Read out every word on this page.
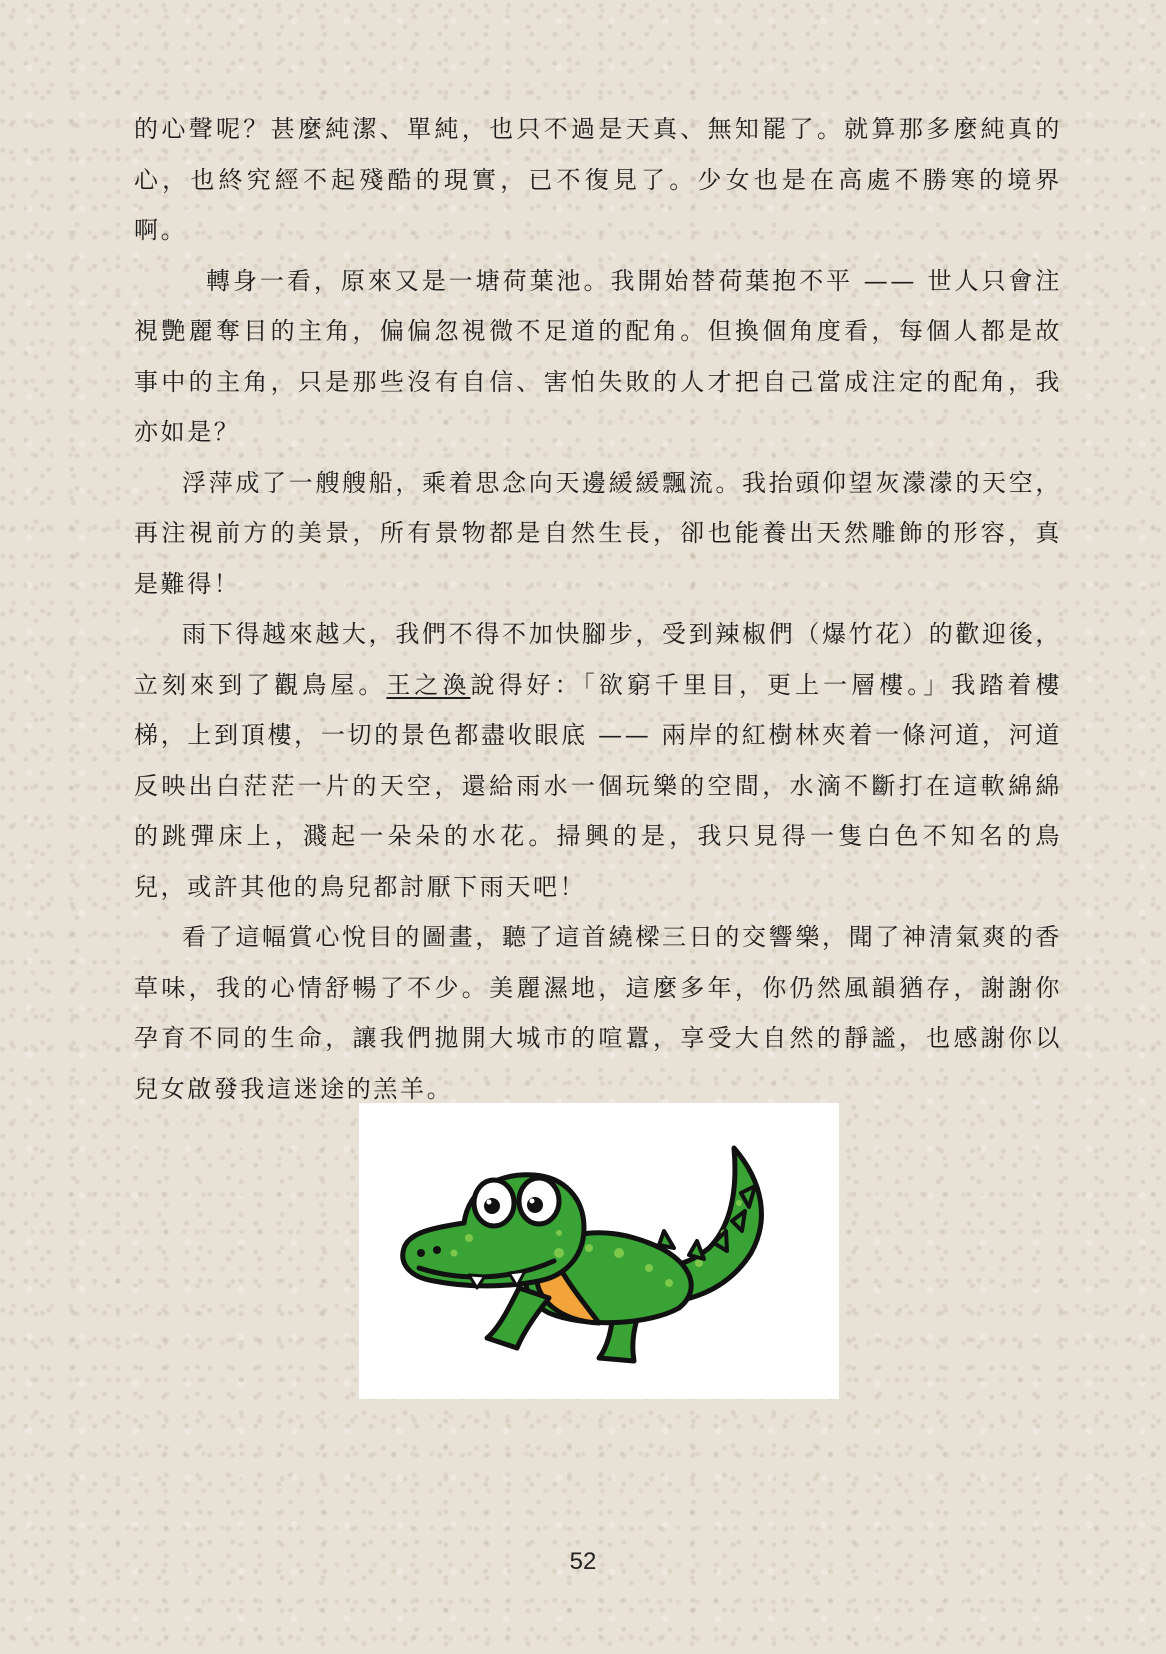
的心聲呢？甚麼純潔、單純，也只不過是天真、無知罷了。就算那多麼純真的心，也終究經不起殘酷的現實，已不復見了。少女也是在高處不勝寒的境界啊。

轉身一看，原來又是一塘荷葉池。我開始替荷葉抱不平 —— 世人只會注視艷麗奪目的主角，偏偏忽視微不足道的配角。但換個角度看，每個人都是故事中的主角，只是那些沒有自信、害怕失敗的人才把自己當成注定的配角，我亦如是？

浮萍成了一艘艘船，乘着思念向天邊緩緩飄流。我抬頭仰望灰濛濛的天空，再注視前方的美景，所有景物都是自然生長，卻也能養出天然雕飾的形容，真是難得！

雨下得越來越大，我們不得不加快腳步，受到辣椒們（爆竹花）的歡迎後，立刻來到了觀鳥屋。王之渙說得好：「欲窮千里目，更上一層樓。」我踏着樓梯，上到頂樓，一切的景色都盡收眼底 —— 兩岸的紅樹林夾着一條河道，河道反映出白茫茫一片的天空，還給雨水一個玩樂的空間，水滴不斷打在這軟綿綿的跳彈床上，濺起一朵朵的水花。掃興的是，我只見得一隻白色不知名的鳥兒，或許其他的鳥兒都討厭下雨天吧！

看了這幅賞心悅目的圖畫，聽了這首繞樑三日的交響樂，聞了神清氣爽的香草味，我的心情舒暢了不少。美麗濕地，這麼多年，你仍然風韻猶存，謝謝你孕育不同的生命，讓我們拋開大城市的喧囂，享受大自然的靜謐，也感謝你以兒女啟發我這迷途的羔羊。

52
